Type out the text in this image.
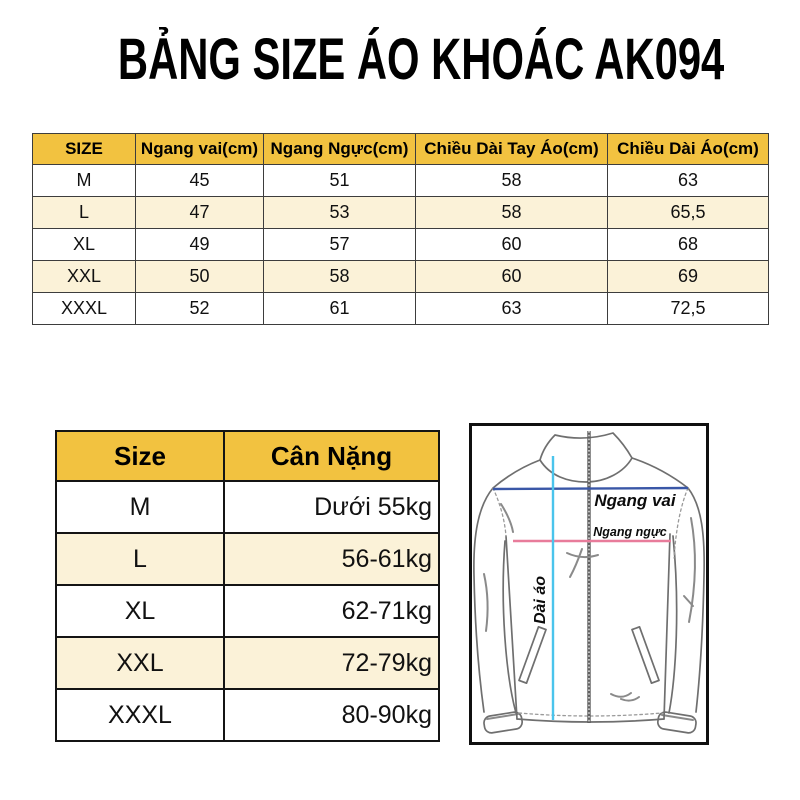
BẢNG SIZE ÁO KHOÁC AK094
SIZE	Ngang vai(cm)	Ngang Ngực(cm)	Chiều Dài Tay Áo(cm)	Chiều Dài Áo(cm)
M	45	51	58	63
L	47	53	58	65,5
XL	49	57	60	68
XXL	50	58	60	69
XXXL	52	61	63	72,5
Size	Cân Nặng
M	Dưới 55kg
L	56-61kg
XL	62-71kg
XXL	72-79kg
XXXL	80-90kg
Ngang vai
Ngang ngực
Dài áo
